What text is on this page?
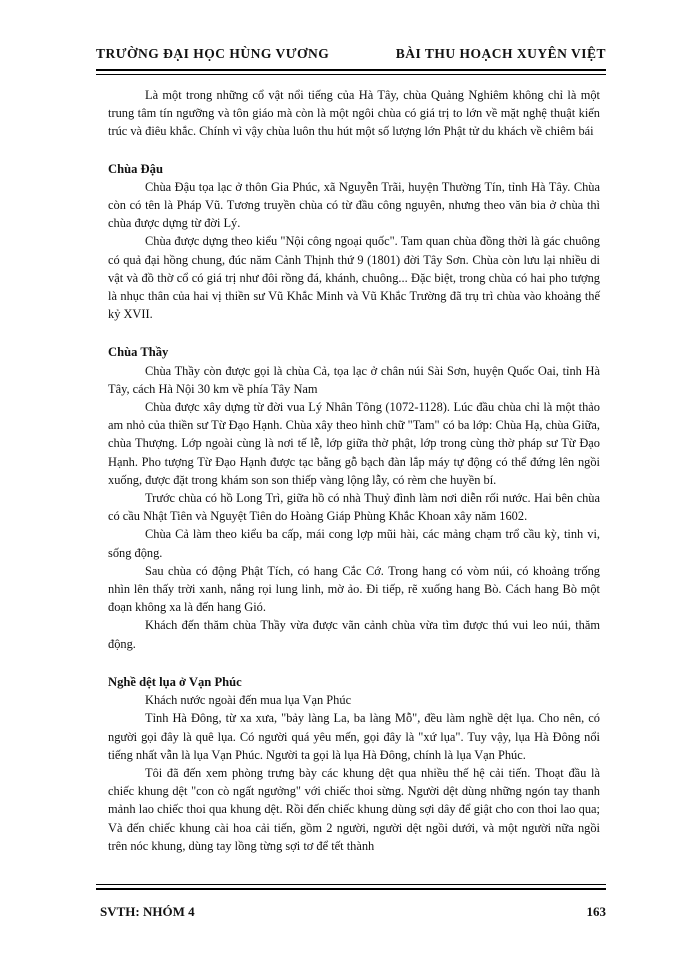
TRƯỜNG ĐẠI HỌC HÙNG VƯƠNG	BÀI THU HOẠCH XUYÊN VIỆT

Là một trong những cổ vật nổi tiếng của Hà Tây, chùa Quảng Nghiêm không chỉ là một trung tâm tín ngưỡng và tôn giáo mà còn là một ngôi chùa có giá trị to lớn về mặt nghệ thuật kiến trúc và điêu khắc. Chính vì vậy chùa luôn thu hút một số lượng lớn Phật tử du khách về chiêm bái

Chùa Đậu

Chùa Đậu tọa lạc ở thôn Gia Phúc, xã Nguyễn Trãi, huyện Thường Tín, tỉnh Hà Tây. Chùa còn có tên là Pháp Vũ. Tương truyền chùa có từ đầu công nguyên, nhưng theo văn bia ở chùa thì chùa được dựng từ đời Lý.

Chùa được dựng theo kiểu "Nội công ngoại quốc". Tam quan chùa đồng thời là gác chuông có quả đại hồng chung, đúc năm Cảnh Thịnh thứ 9 (1801) đời Tây Sơn. Chùa còn lưu lại nhiều di vật và đồ thờ cổ có giá trị như đôi rồng đá, khánh, chuông... Đặc biệt, trong chùa có hai pho tượng là nhục thân của hai vị thiền sư Vũ Khắc Minh và Vũ Khắc Trường đã trụ trì chùa vào khoảng thế kỷ XVII.

Chùa Thầy

Chùa Thầy còn được gọi là chùa Cả, tọa lạc ở chân núi Sài Sơn, huyện Quốc Oai, tỉnh Hà Tây, cách Hà Nội 30 km về phía Tây Nam

Chùa được xây dựng từ đời vua Lý Nhân Tông (1072-1128). Lúc đầu chùa chỉ là một thảo am nhỏ của thiền sư Từ Đạo Hạnh. Chùa xây theo hình chữ "Tam" có ba lớp: Chùa Hạ, chùa Giữa, chùa Thượng. Lớp ngoài cùng là nơi tế lễ, lớp giữa thờ phật, lớp trong cùng thờ pháp sư Từ Đạo Hạnh. Pho tượng Từ Đạo Hạnh được tạc bằng gỗ bạch đàn lắp máy tự động có thể đứng lên ngồi xuống, được đặt trong khám son son thiếp vàng lộng lẫy, có rèm che huyền bí.

Trước chùa có hồ Long Trì, giữa hồ có nhà Thuỷ đình làm nơi diễn rối nước. Hai bên chùa có cầu Nhật Tiên và Nguyệt Tiên do Hoàng Giáp Phùng Khắc Khoan xây năm 1602.

Chùa Cả làm theo kiểu ba cấp, mái cong lợp mũi hài, các mảng chạm trổ cầu kỳ, tinh vi, sống động.

Sau chùa có động Phật Tích, có hang Cắc Cớ. Trong hang có vòm núi, có khoảng trống nhìn lên thấy trời xanh, nắng rọi lung linh, mờ ảo. Đi tiếp, rẽ xuống hang Bò. Cách hang Bò một đoạn không xa là đến hang Gió.

Khách đến thăm chùa Thầy vừa được vãn cảnh chùa vừa tìm được thú vui leo núi, thăm động.

Nghề dệt lụa ở Vạn Phúc

Khách nước ngoài đến mua lụa Vạn Phúc

Tỉnh Hà Đông, từ xa xưa, "bảy làng La, ba làng Mỗ", đều làm nghề dệt lụa. Cho nên, có người gọi đây là quê lụa. Có người quá yêu mến, gọi đây là "xứ lụa". Tuy vậy, lụa Hà Đông nổi tiếng nhất vẫn là lụa Vạn Phúc. Người ta gọi là lụa Hà Đông, chính là lụa Vạn Phúc.

Tôi đã đến xem phòng trưng bày các khung dệt qua nhiều thế hệ cải tiến. Thoạt đầu là chiếc khung dệt "con cò ngất ngưởng" với chiếc thoi sừng. Người dệt dùng những ngón tay thanh mảnh lao chiếc thoi qua khung dệt. Rồi đến chiếc khung dùng sợi dây để giật cho con thoi lao qua; Và đến chiếc khung cài hoa cải tiến, gồm 2 người, người dệt ngồi dưới, và một người nữa ngồi trên nóc khung, dùng tay lồng từng sợi tơ để tết thành

SVTH: NHÓM 4	163
